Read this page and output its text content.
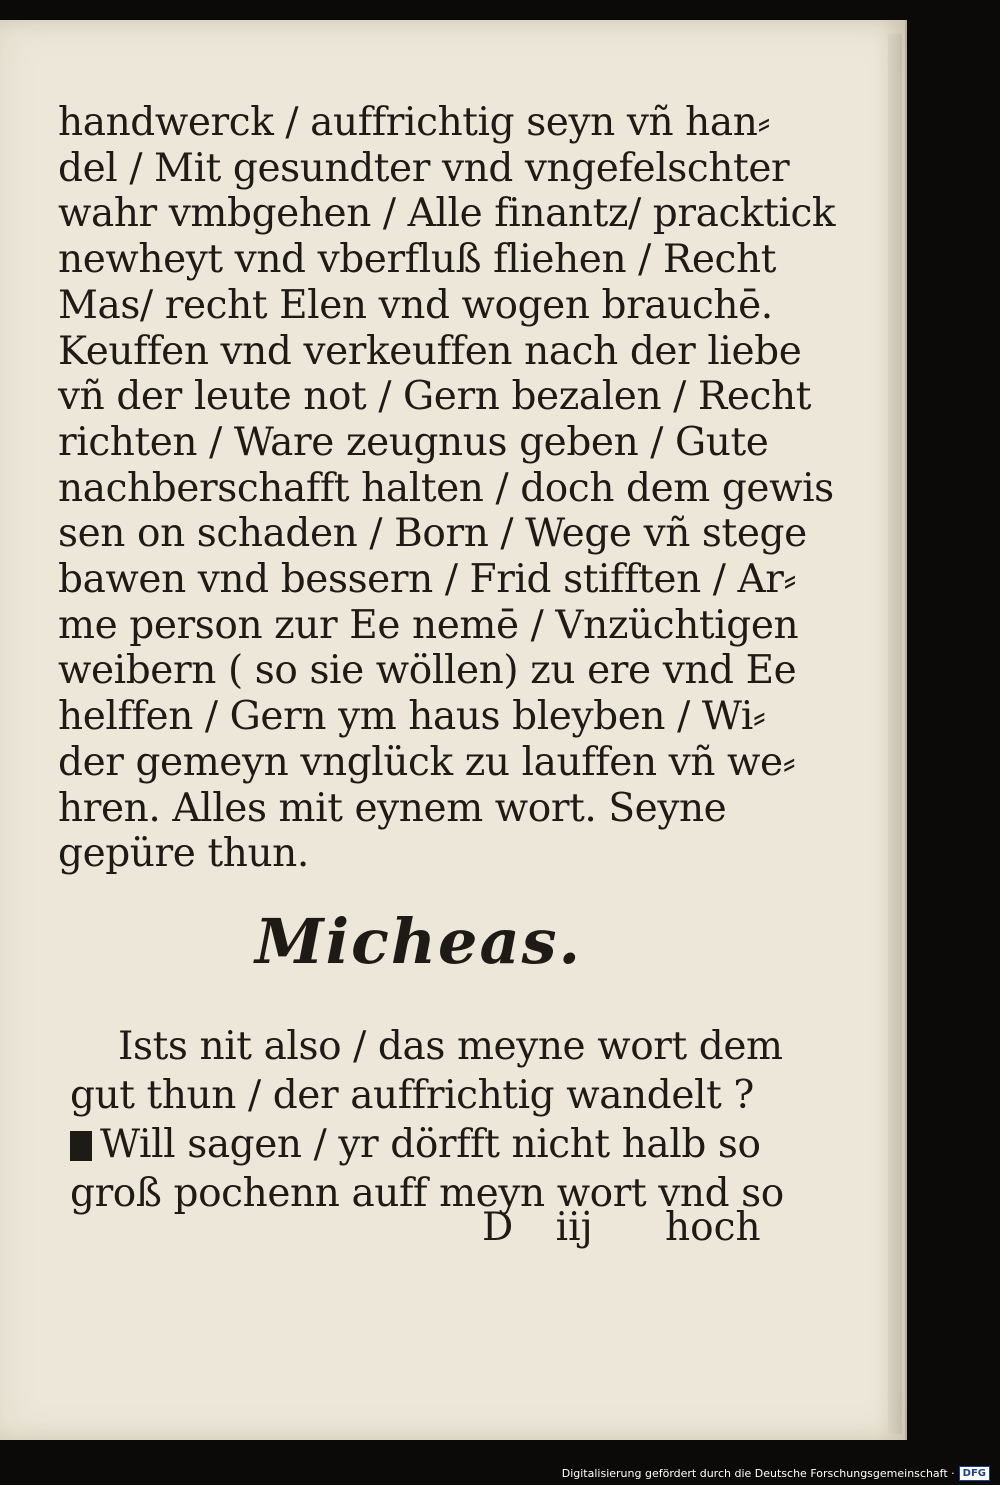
handwerck / auffrichtig seyn vñ han⸗
del / Mit gesundter vnd vngefelschter
wahr vmbgehen / Alle finantz/ pracktick
newheyt vnd vberfluß fliehen / Recht
Mas/ recht Elen vnd wogen brauchē.
Keuffen vnd verkeuffen nach der liebe
vñ der leute not / Gern bezalen / Recht
richten / Ware zeugnus geben / Gute
nachberschafft halten / doch dem gewis
sen on schaden / Born / Wege vñ stege
bawen vnd bessern / Frid stifften / Ar⸗
me person zur Ee nemē / Vnzüchtigen
weibern ( so sie wöllen) zu ere vnd Ee
helffen / Gern ym haus bleyben / Wi⸗
der gemeyn vnglück zu lauffen vñ we⸗
hren. Alles mit eynem wort. Seyne
gepüre thun.
Micheas.
Ists nit also / das meyne wort dem
gut thun / der auffrichtig wandelt ?
Will sagen / yr dörfft nicht halb so
groß pochenn auff meyn wort vnd so
D iij hoch
Digitalisierung gefördert durch die Deutsche Forschungsgemeinschaft · DFG
